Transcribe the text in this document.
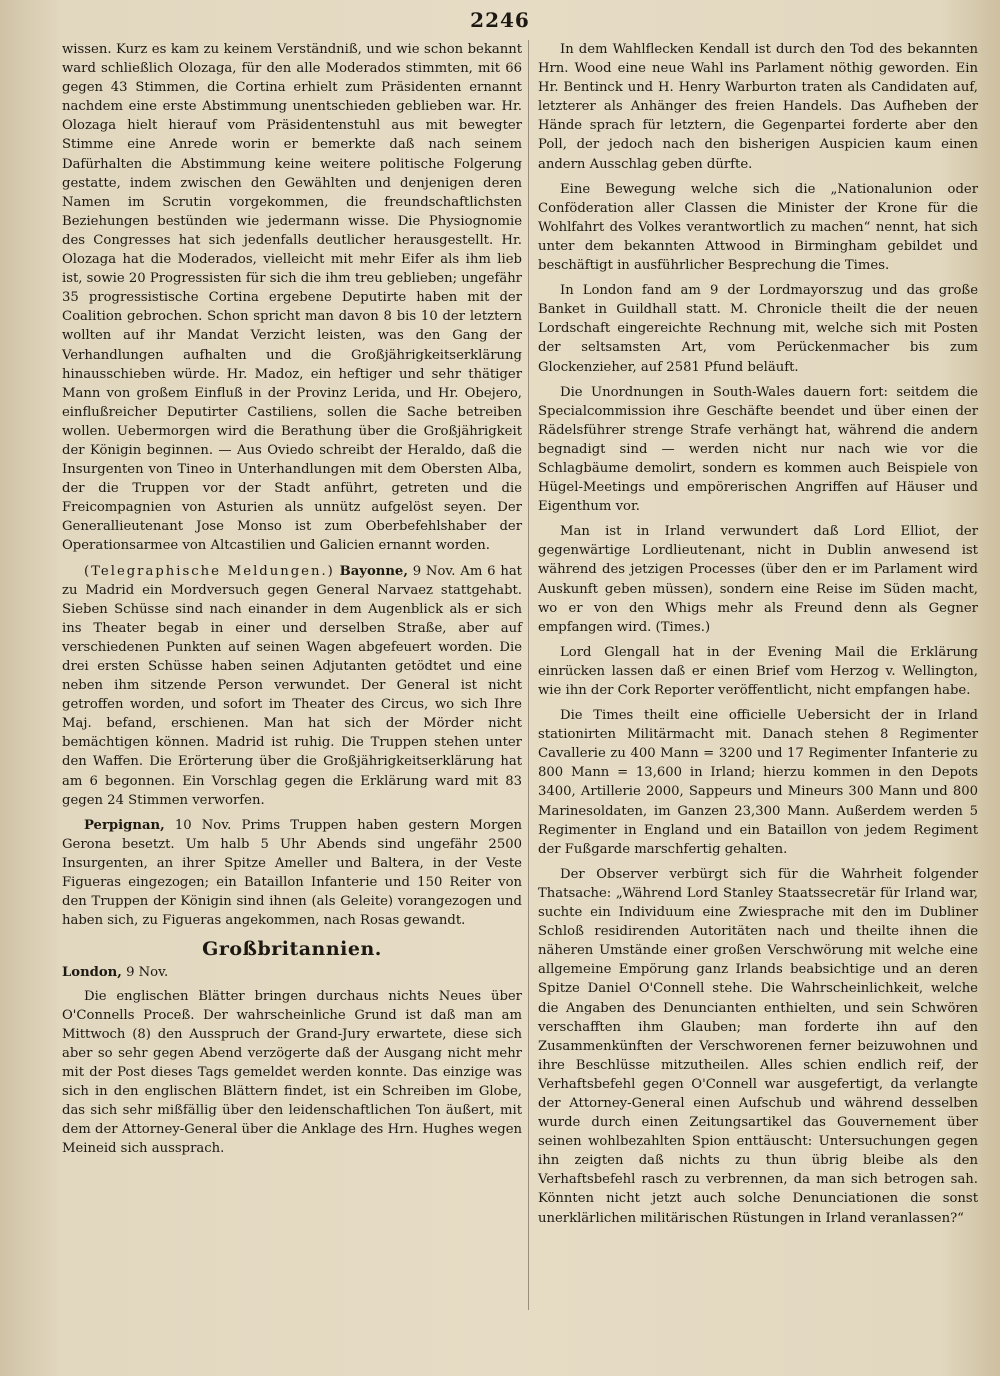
2246

wissen. Kurz es kam zu keinem Verständniß, und wie schon bekannt ward schließlich Olozaga, für den alle Moderados stimmten, mit 66 gegen 43 Stimmen, die Cortina erhielt zum Präsidenten ernannt nachdem eine erste Abstimmung unentschieden geblieben war. Hr. Olozaga hielt hierauf vom Präsidentenstuhl aus mit bewegter Stimme eine Anrede worin er bemerkte daß nach seinem Dafürhalten die Abstimmung keine weitere politische Folgerung gestatte, indem zwischen den Gewählten und denjenigen deren Namen im Scrutin vorgekommen, die freundschaftlichsten Beziehungen bestünden wie jedermann wisse. Die Physiognomie des Congresses hat sich jedenfalls deutlicher herausgestellt. Hr. Olozaga hat die Moderados, vielleicht mit mehr Eifer als ihm lieb ist, sowie 20 Progressisten für sich die ihm treu geblieben; ungefähr 35 progressistische Cortina ergebene Deputirte haben mit der Coalition gebrochen. Schon spricht man davon 8 bis 10 der letztern wollten auf ihr Mandat Verzicht leisten, was den Gang der Verhandlungen aufhalten und die Großjährigkeitserklärung hinausschieben würde. Hr. Madoz, ein heftiger und sehr thätiger Mann von großem Einfluß in der Provinz Lerida, und Hr. Obejero, einflußreicher Deputirter Castiliens, sollen die Sache betreiben wollen. Uebermorgen wird die Berathung über die Großjährigkeit der Königin beginnen. — Aus Oviedo schreibt der Heraldo, daß die Insurgenten von Tineo in Unterhandlungen mit dem Obersten Alba, der die Truppen vor der Stadt anführt, getreten und die Freicompagnien von Asturien als unnütz aufgelöst seyen. Der Generallieutenant Jose Monso ist zum Oberbefehlshaber der Operationsarmee von Altcastilien und Galicien ernannt worden.

(Telegraphische Meldungen.) Bayonne, 9 Nov. Am 6 hat zu Madrid ein Mordversuch gegen General Narvaez stattgehabt. Sieben Schüsse sind nach einander in dem Augenblick als er sich ins Theater begab in einer und derselben Straße, aber auf verschiedenen Punkten auf seinen Wagen abgefeuert worden. Die drei ersten Schüsse haben seinen Adjutanten getödtet und eine neben ihm sitzende Person verwundet. Der General ist nicht getroffen worden, und sofort im Theater des Circus, wo sich Ihre Maj. befand, erschienen. Man hat sich der Mörder nicht bemächtigen können. Madrid ist ruhig. Die Truppen stehen unter den Waffen. Die Erörterung über die Großjährigkeitserklärung hat am 6 begonnen. Ein Vorschlag gegen die Erklärung ward mit 83 gegen 24 Stimmen verworfen.

Perpignan, 10 Nov. Prims Truppen haben gestern Morgen Gerona besetzt. Um halb 5 Uhr Abends sind ungefähr 2500 Insurgenten, an ihrer Spitze Ameller und Baltera, in der Veste Figueras eingezogen; ein Bataillon Infanterie und 150 Reiter von den Truppen der Königin sind ihnen (als Geleite) vorangezogen und haben sich, zu Figueras angekommen, nach Rosas gewandt.

Großbritannien.
London, 9 Nov.

Die englischen Blätter bringen durchaus nichts Neues über O'Connells Proceß. Der wahrscheinliche Grund ist daß man am Mittwoch (8) den Ausspruch der Grand-Jury erwartete, diese sich aber so sehr gegen Abend verzögerte daß der Ausgang nicht mehr mit der Post dieses Tags gemeldet werden konnte. Das einzige was sich in den englischen Blättern findet, ist ein Schreiben im Globe, das sich sehr mißfällig über den leidenschaftlichen Ton äußert, mit dem der Attorney-General über die Anklage des Hrn. Hughes wegen Meineid sich aussprach.

In dem Wahlflecken Kendall ist durch den Tod des bekannten Hrn. Wood eine neue Wahl ins Parlament nöthig geworden. Ein Hr. Bentinck und H. Henry Warburton traten als Candidaten auf, letzterer als Anhänger des freien Handels. Das Aufheben der Hände sprach für letztern, die Gegenpartei forderte aber den Poll, der jedoch nach den bisherigen Auspicien kaum einen andern Ausschlag geben dürfte.

Eine Bewegung welche sich die „Nationalunion oder Conföderation aller Classen die Minister der Krone für die Wohlfahrt des Volkes verantwortlich zu machen“ nennt, hat sich unter dem bekannten Attwood in Birmingham gebildet und beschäftigt in ausführlicher Besprechung die Times.

In London fand am 9 der Lordmayorszug und das große Banket in Guildhall statt. M. Chronicle theilt die der neuen Lordschaft eingereichte Rechnung mit, welche sich mit Posten der seltsamsten Art, vom Perückenmacher bis zum Glockenzieher, auf 2581 Pfund beläuft.

Die Unordnungen in South-Wales dauern fort: seitdem die Specialcommission ihre Geschäfte beendet und über einen der Rädelsführer strenge Strafe verhängt hat, während die andern begnadigt sind — werden nicht nur nach wie vor die Schlagbäume demolirt, sondern es kommen auch Beispiele von Hügel-Meetings und empörerischen Angriffen auf Häuser und Eigenthum vor.

Man ist in Irland verwundert daß Lord Elliot, der gegenwärtige Lordlieutenant, nicht in Dublin anwesend ist während des jetzigen Processes (über den er im Parlament wird Auskunft geben müssen), sondern eine Reise im Süden macht, wo er von den Whigs mehr als Freund denn als Gegner empfangen wird. (Times.)

Lord Glengall hat in der Evening Mail die Erklärung einrücken lassen daß er einen Brief vom Herzog v. Wellington, wie ihn der Cork Reporter veröffentlicht, nicht empfangen habe.

Die Times theilt eine officielle Uebersicht der in Irland stationirten Militärmacht mit. Danach stehen 8 Regimenter Cavallerie zu 400 Mann = 3200 und 17 Regimenter Infanterie zu 800 Mann = 13,600 in Irland; hierzu kommen in den Depots 3400, Artillerie 2000, Sappeurs und Mineurs 300 Mann und 800 Marinesoldaten, im Ganzen 23,300 Mann. Außerdem werden 5 Regimenter in England und ein Bataillon von jedem Regiment der Fußgarde marschfertig gehalten.

Der Observer verbürgt sich für die Wahrheit folgender Thatsache: „Während Lord Stanley Staatssecretär für Irland war, suchte ein Individuum eine Zwiesprache mit den im Dubliner Schloß residirenden Autoritäten nach und theilte ihnen die näheren Umstände einer großen Verschwörung mit welche eine allgemeine Empörung ganz Irlands beabsichtige und an deren Spitze Daniel O'Connell stehe. Die Wahrscheinlichkeit, welche die Angaben des Denuncianten enthielten, und sein Schwören verschafften ihm Glauben; man forderte ihn auf den Zusammenkünften der Verschworenen ferner beizuwohnen und ihre Beschlüsse mitzutheilen. Alles schien endlich reif, der Verhaftsbefehl gegen O'Connell war ausgefertigt, da verlangte der Attorney-General einen Aufschub und während desselben wurde durch einen Zeitungsartikel das Gouvernement über seinen wohlbezahlten Spion enttäuscht: Untersuchungen gegen ihn zeigten daß nichts zu thun übrig bleibe als den Verhaftsbefehl rasch zu verbrennen, da man sich betrogen sah. Könnten nicht jetzt auch solche Denunciationen die sonst unerklärlichen militärischen Rüstungen in Irland veranlassen?“
